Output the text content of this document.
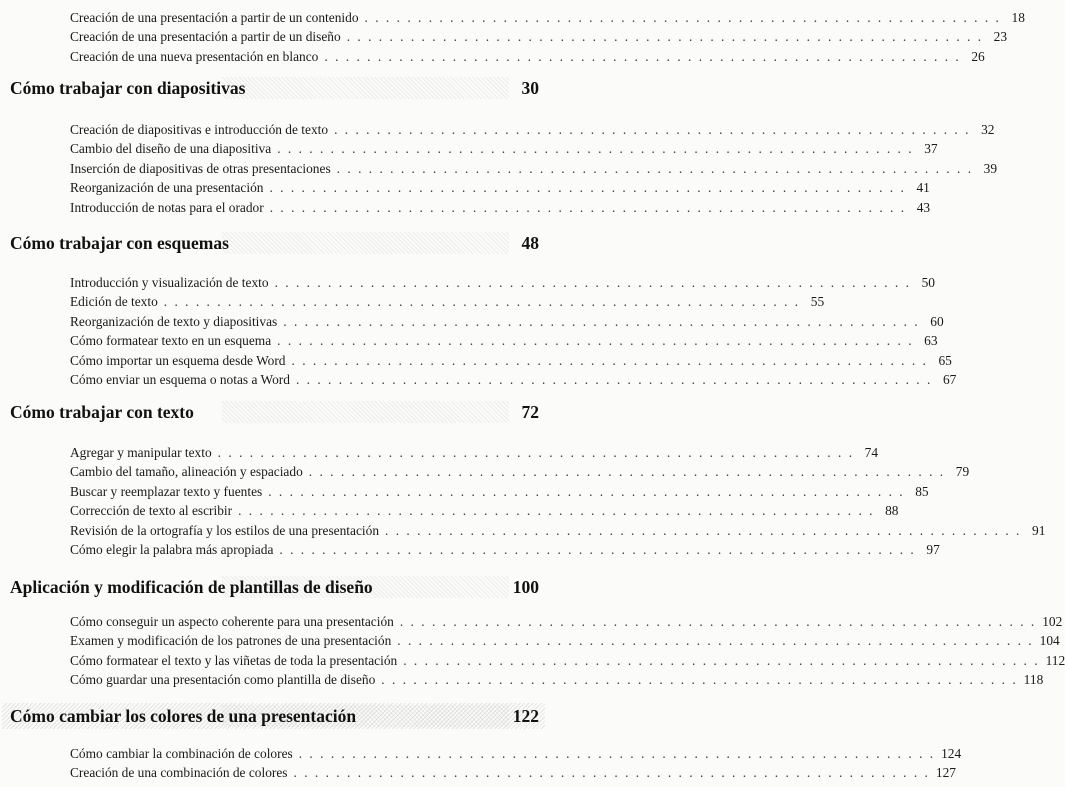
Creación de una presentación a partir de un contenido . . . . . . . . . . . . . . . . . . . . . . . . . . . . . . . . . . . . . . . . . . . . . . . . . . . . . . . . . . . . 18
Creación de una presentación a partir de un diseño . . . . . . . . . . . . . . . . . . . . . . . . . . . . . . . . . . . . . . . . . . . . . . . . . . . . . . . . . . . . 23
Creación de una nueva presentación en blanco . . . . . . . . . . . . . . . . . . . . . . . . . . . . . . . . . . . . . . . . . . . . . . . . . . . . . . . . . . . . 26
Cómo trabajar con diapositivas	30
Creación de diapositivas e introducción de texto . . . . . . . . . . . . . . . . . . . . . . . . . . . . . . . . . . . . . . . . . . . . . . . . . . . . . . . . . . . . 32
Cambio del diseño de una diapositiva . . . . . . . . . . . . . . . . . . . . . . . . . . . . . . . . . . . . . . . . . . . . . . . . . . . . . . . . . . . . 37
Inserción de diapositivas de otras presentaciones . . . . . . . . . . . . . . . . . . . . . . . . . . . . . . . . . . . . . . . . . . . . . . . . . . . . . . . . . . . . 39
Reorganización de una presentación . . . . . . . . . . . . . . . . . . . . . . . . . . . . . . . . . . . . . . . . . . . . . . . . . . . . . . . . . . . . 41
Introducción de notas para el orador . . . . . . . . . . . . . . . . . . . . . . . . . . . . . . . . . . . . . . . . . . . . . . . . . . . . . . . . . . . . 43
Cómo trabajar con esquemas	48
Introducción y visualización de texto . . . . . . . . . . . . . . . . . . . . . . . . . . . . . . . . . . . . . . . . . . . . . . . . . . . . . . . . . . . . 50
Edición de texto . . . . . . . . . . . . . . . . . . . . . . . . . . . . . . . . . . . . . . . . . . . . . . . . . . . . . . . . . . . . 55
Reorganización de texto y diapositivas . . . . . . . . . . . . . . . . . . . . . . . . . . . . . . . . . . . . . . . . . . . . . . . . . . . . . . . . . . . . 60
Cómo formatear texto en un esquema . . . . . . . . . . . . . . . . . . . . . . . . . . . . . . . . . . . . . . . . . . . . . . . . . . . . . . . . . . . . 63
Cómo importar un esquema desde Word . . . . . . . . . . . . . . . . . . . . . . . . . . . . . . . . . . . . . . . . . . . . . . . . . . . . . . . . . . . . 65
Cómo enviar un esquema o notas a Word . . . . . . . . . . . . . . . . . . . . . . . . . . . . . . . . . . . . . . . . . . . . . . . . . . . . . . . . . . . . 67
Cómo trabajar con texto	72
Agregar y manipular texto . . . . . . . . . . . . . . . . . . . . . . . . . . . . . . . . . . . . . . . . . . . . . . . . . . . . . . . . . . . . 74
Cambio del tamaño, alineación y espaciado . . . . . . . . . . . . . . . . . . . . . . . . . . . . . . . . . . . . . . . . . . . . . . . . . . . . . . . . . . . . 79
Buscar y reemplazar texto y fuentes . . . . . . . . . . . . . . . . . . . . . . . . . . . . . . . . . . . . . . . . . . . . . . . . . . . . . . . . . . . . 85
Corrección de texto al escribir . . . . . . . . . . . . . . . . . . . . . . . . . . . . . . . . . . . . . . . . . . . . . . . . . . . . . . . . . . . . 88
Revisión de la ortografía y los estilos de una presentación . . . . . . . . . . . . . . . . . . . . . . . . . . . . . . . . . . . . . . . . . . . . . . . . . . . . . . . . . . . . 91
Cómo elegir la palabra más apropiada . . . . . . . . . . . . . . . . . . . . . . . . . . . . . . . . . . . . . . . . . . . . . . . . . . . . . . . . . . . . 97
Aplicación y modificación de plantillas de diseño	100
Cómo conseguir un aspecto coherente para una presentación . . . . . . . . . . . . . . . . . . . . . . . . . . . . . . . . . . . . . . . . . . . . . . . . . . . . . . . . . . . . 102
Examen y modificación de los patrones de una presentación . . . . . . . . . . . . . . . . . . . . . . . . . . . . . . . . . . . . . . . . . . . . . . . . . . . . . . . . . . . . 104
Cómo formatear el texto y las viñetas de toda la presentación . . . . . . . . . . . . . . . . . . . . . . . . . . . . . . . . . . . . . . . . . . . . . . . . . . . . . . . . . . . . 112
Cómo guardar una presentación como plantilla de diseño . . . . . . . . . . . . . . . . . . . . . . . . . . . . . . . . . . . . . . . . . . . . . . . . . . . . . . . . . . . . 118
Cómo cambiar los colores de una presentación	122
Cómo cambiar la combinación de colores . . . . . . . . . . . . . . . . . . . . . . . . . . . . . . . . . . . . . . . . . . . . . . . . . . . . . . . . . . . . 124
Creación de una combinación de colores . . . . . . . . . . . . . . . . . . . . . . . . . . . . . . . . . . . . . . . . . . . . . . . . . . . . . . . . . . . . 127
